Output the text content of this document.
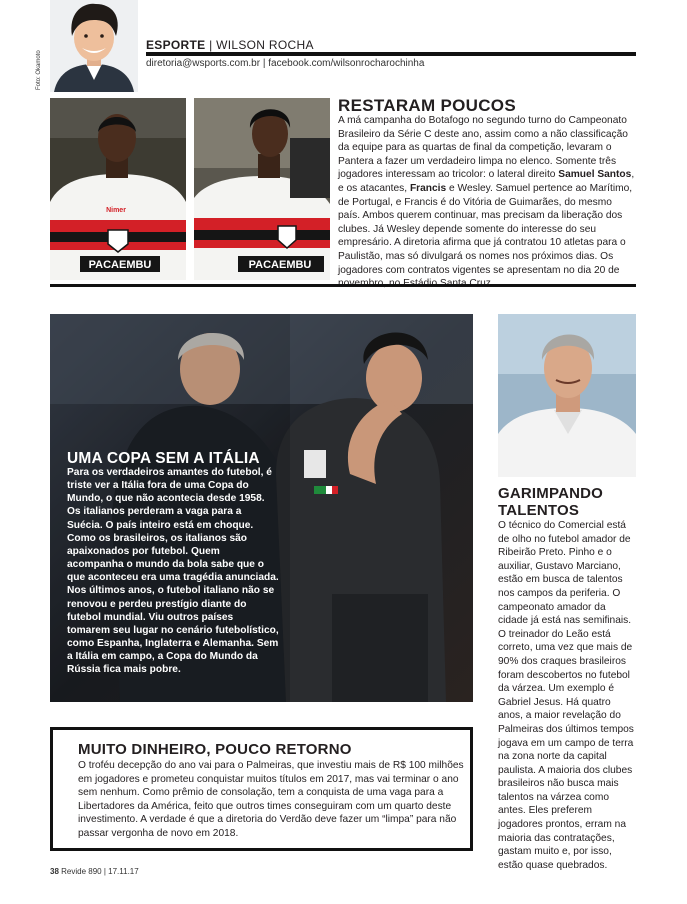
Foto: Okamoto
ESPORTE | WILSON ROCHA
diretoria@wsports.com.br | facebook.com/wilsonrocharochinha
PACAEMBU
Nimer
PACAEMBU
RESTARAM POUCOS
A má campanha do Botafogo no segundo turno do Campeonato Brasileiro da Série C deste ano, assim como a não classificação da equipe para as quartas de final da competição, levaram o Pantera a fazer um verdadeiro limpa no elenco. Somente três jogadores interessam ao tricolor: o lateral direito Samuel Santos, e os atacantes, Francis e Wesley. Samuel pertence ao Marítimo, de Portugal, e Francis é do Vitória de Guimarães, do mesmo país. Ambos querem continuar, mas precisam da liberação dos clubes. Já Wesley depende somente do interesse do seu empresário. A diretoria afirma que já contratou 10 atletas para o Paulistão, mas só divulgará os nomes nos próximos dias. Os jogadores com contratos vigentes se apresentam no dia 20 de
UMA COPA SEM A ITÁLIA
Para os verdadeiros amantes do futebol, é triste ver a Itália fora de uma Copa do Mundo, o que não acontecia desde 1958. Os italianos perderam a vaga para a Suécia. O país inteiro está em choque. Como os brasileiros, os italianos são apaixonados por futebol. Quem acompanha o mundo da bola sabe que o que aconteceu era uma tragédia anunciada. Nos últimos anos, o futebol italiano não se renovou e perdeu prestígio diante do futebol mundial. Viu outros países tomarem seu lugar no cenário futebolístico, como Espanha, Inglaterra e Alemanha. Sem a Itália em campo, a Copa do Mundo da Rússia fica mais pobre.
GARIMPANDO TALENTOS
O técnico do Comercial está de olho no futebol amador de Ribeirão Preto. Pinho e o auxiliar, Gustavo Marciano, estão em busca de talentos nos campos da periferia. O campeonato amador da cidade já está nas semifinais. O treinador do Leão está correto, uma vez que mais de 90% dos craques brasileiros foram descobertos no futebol da várzea. Um exemplo é Gabriel Jesus. Há quatro anos, a maior revelação do Palmeiras dos últimos tempos jogava em um campo de terra na zona norte da capital paulista. A maioria dos clubes brasileiros não busca mais talentos na várzea como antes. Eles preferem jogadores prontos, erram na maioria das contratações, gastam muito e, por isso, estão quase quebrados.
MUITO DINHEIRO, POUCO RETORNO
O troféu decepção do ano vai para o Palmeiras, que investiu mais de R$ 100 milhões em jogadores e prometeu conquistar muitos títulos em 2017, mas vai terminar o ano sem nenhum. Como prêmio de consolação, tem a conquista de uma vaga para a Libertadores da América, feito que outros times conseguiram com um quarto deste investimento. A verdade é que a diretoria do Verdão deve fazer um “limpa” para não passar vergonha de novo em 2018.
38 Revide 890 | 17.11.17
